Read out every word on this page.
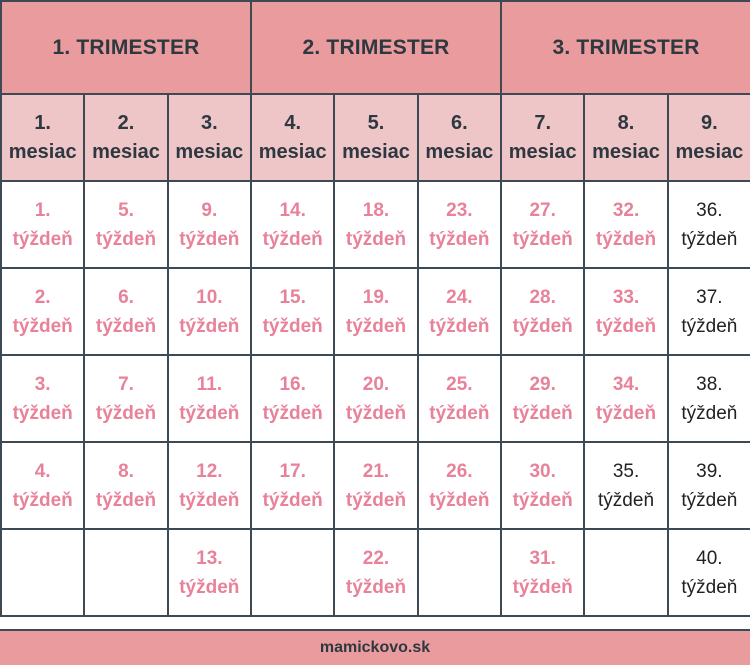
1. TRIMESTER			2. TRIMESTER			3. TRIMESTER		

1.
mesiac	2.
mesiac	3.
mesiac	4.
mesiac	5.
mesiac	6.
mesiac	7.
mesiac	8.
mesiac	9.
mesiac

1.
týždeň	5.
týždeň	9.
týždeň	14.
týždeň	18.
týždeň	23.
týždeň	27.
týždeň	32.
týždeň	36.
týždeň

2.
týždeň	6.
týždeň	10.
týždeň	15.
týždeň	19.
týždeň	24.
týždeň	28.
týždeň	33.
týždeň	37.
týždeň

3.
týždeň	7.
týždeň	11.
týždeň	16.
týždeň	20.
týždeň	25.
týždeň	29.
týždeň	34.
týždeň	38.
týždeň

4.
týždeň	8.
týždeň	12.
týždeň	17.
týždeň	21.
týždeň	26.
týždeň	30.
týždeň	35.
týždeň	39.
týždeň

		13.
týždeň		22.
týždeň		31.
týždeň		40.
týždeň
mamickovo.sk
